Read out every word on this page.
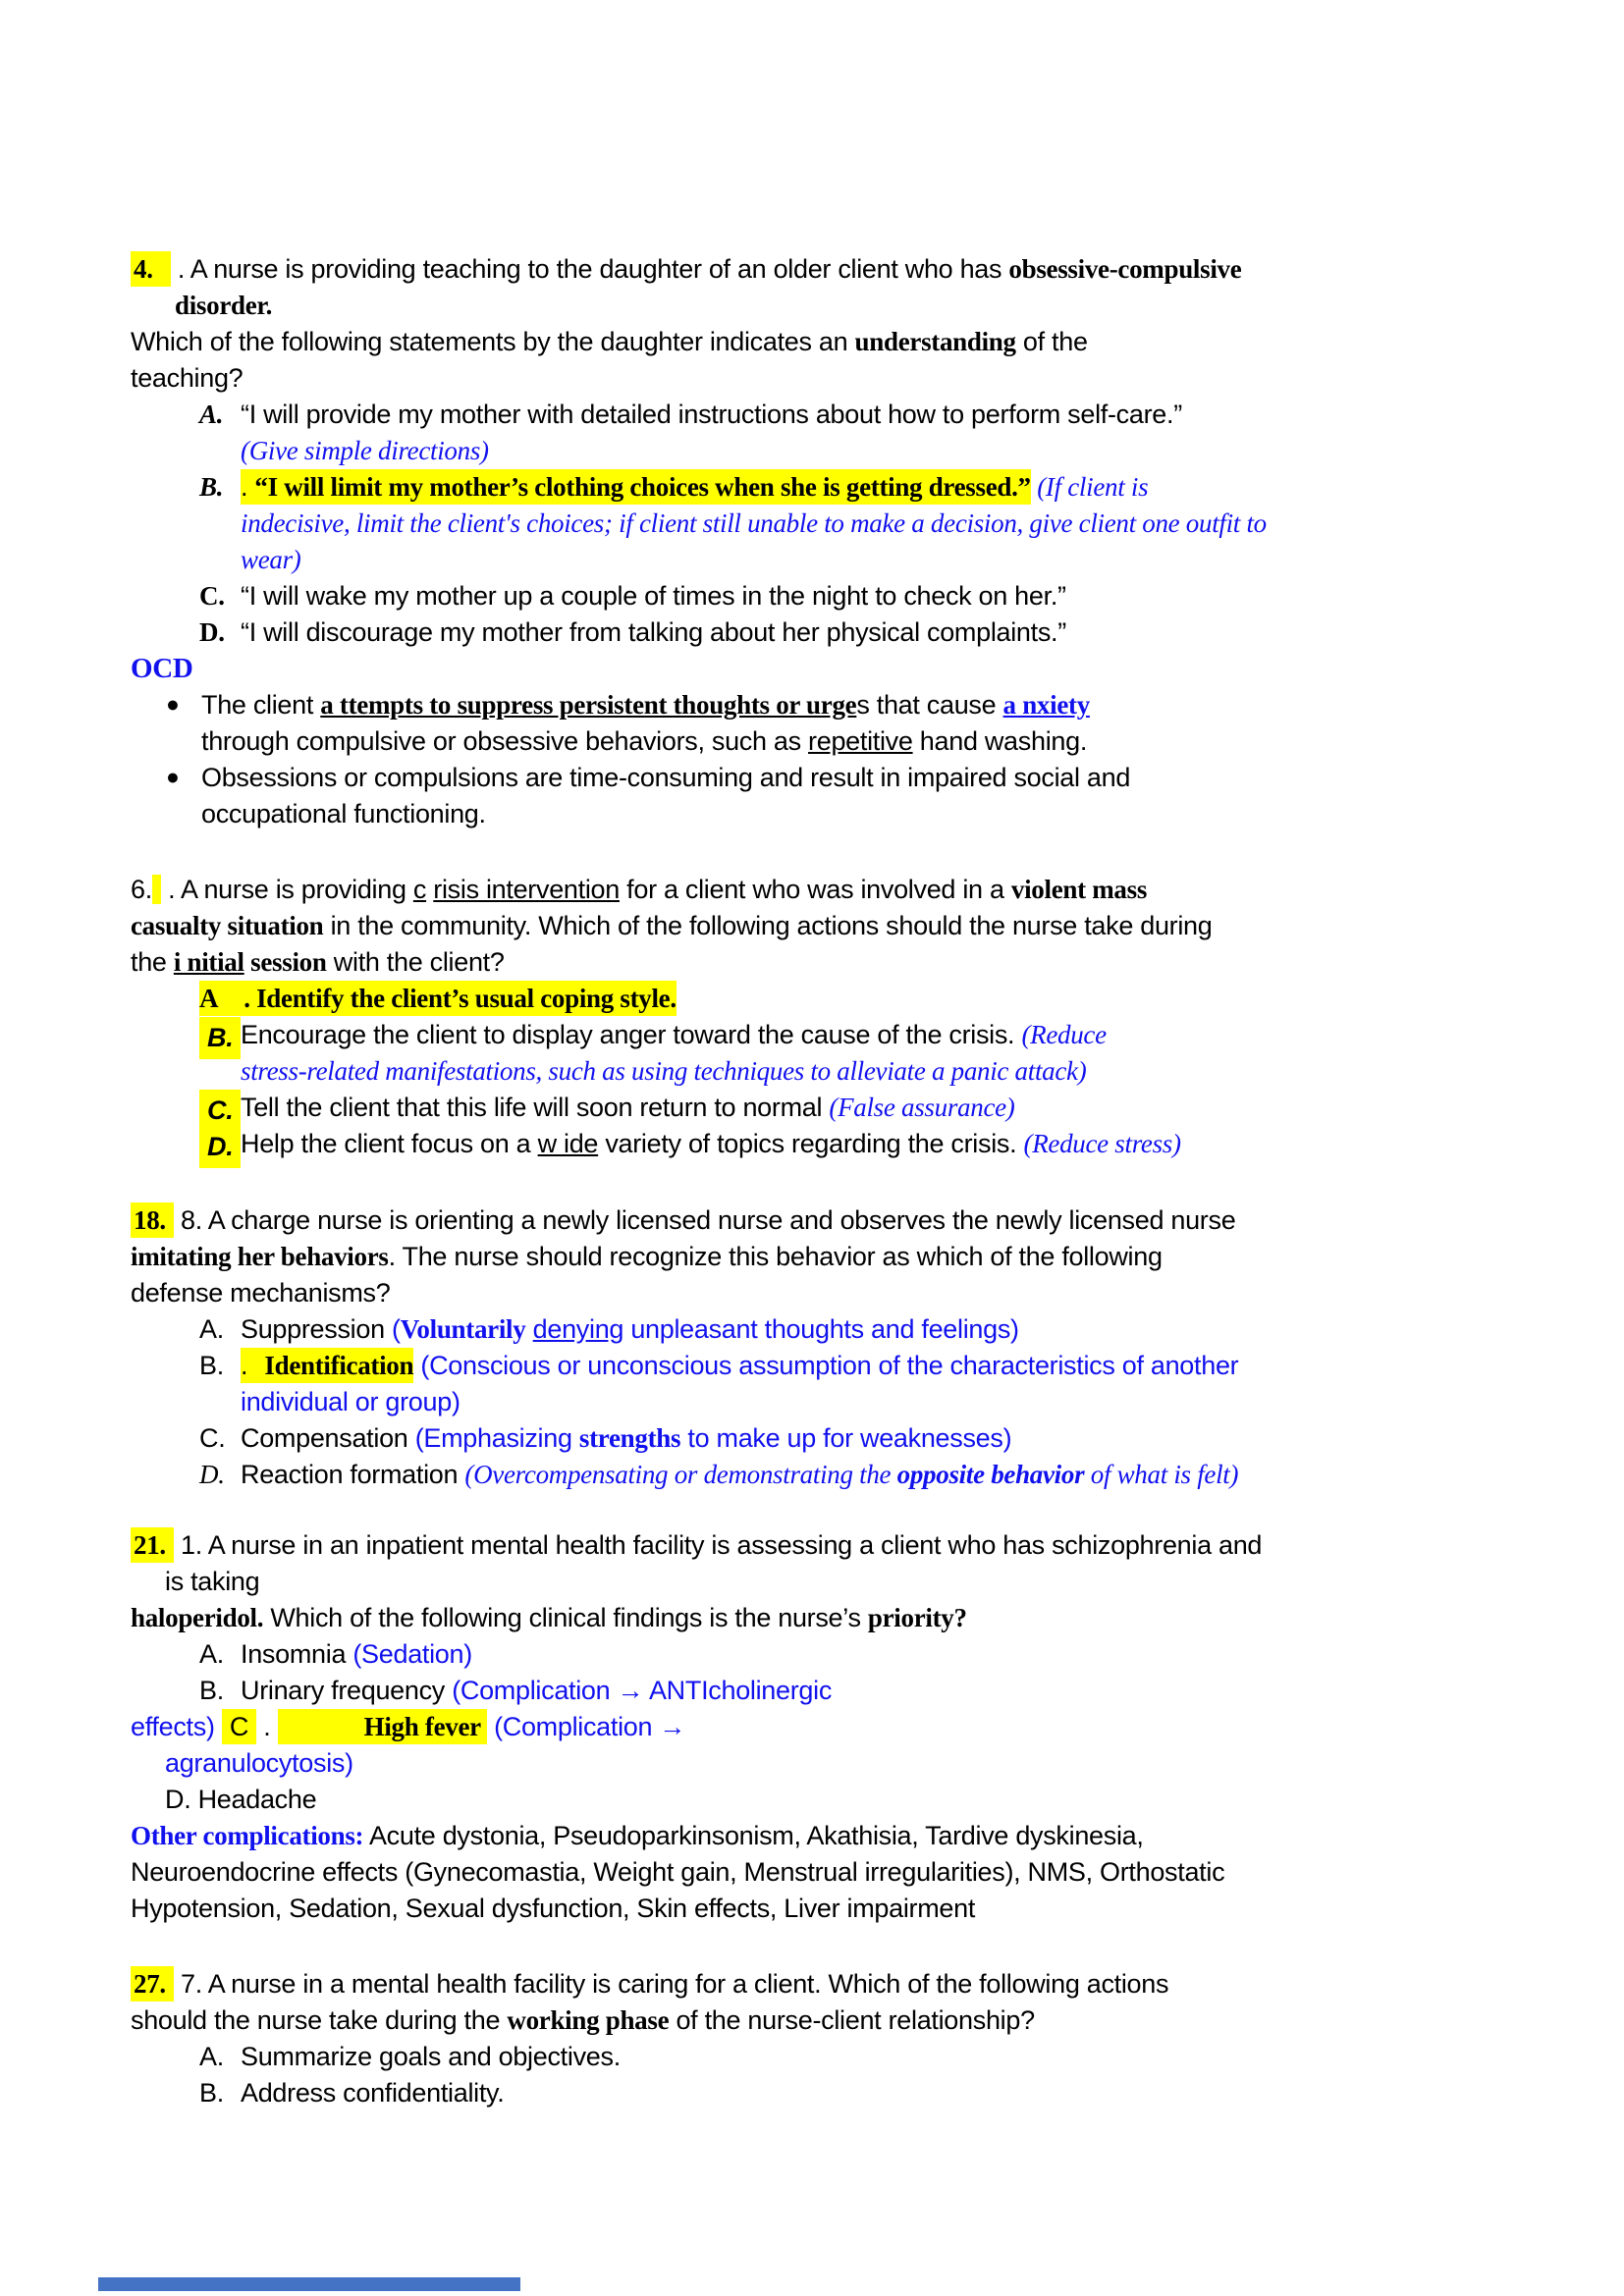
4. . A nurse is providing teaching to the daughter of an older client who has obsessive-compulsive
disorder.
Which of the following statements by the daughter indicates an understanding of the
teaching?
A. “I will provide my mother with detailed instructions about how to perform self-care.”
(Give simple directions)
B. . “I will limit my mother’s clothing choices when she is getting dressed.” (If client is
indecisive, limit the client's choices; if client still unable to make a decision, give client one outfit to
wear)
C. “I will wake my mother up a couple of times in the night to check on her.”
D. “I will discourage my mother from talking about her physical complaints.”
OCD
● The client a ttempts to suppress persistent thoughts or urges that cause a nxiety
through compulsive or obsessive behaviors, such as repetitive hand washing.
● Obsessions or compulsions are time-consuming and result in impaired social and
occupational functioning.
6. . A nurse is providing c risis intervention for a client who was involved in a violent mass
casualty situation in the community. Which of the following actions should the nurse take during
the i nitial session with the client?
A . Identify the client’s usual coping style.
B. Encourage the client to display anger toward the cause of the crisis. (Reduce
stress-related manifestations, such as using techniques to alleviate a panic attack)
C. Tell the client that this life will soon return to normal (False assurance)
D. Help the client focus on a w ide variety of topics regarding the crisis. (Reduce stress)
18. 8. A charge nurse is orienting a newly licensed nurse and observes the newly licensed nurse
imitating her behaviors. The nurse should recognize this behavior as which of the following
defense mechanisms?
A. Suppression (Voluntarily denying unpleasant thoughts and feelings)
B. . Identification (Conscious or unconscious assumption of the characteristics of another
individual or group)
C. Compensation (Emphasizing strengths to make up for weaknesses)
D. Reaction formation (Overcompensating or demonstrating the opposite behavior of what is felt)
21. 1. A nurse in an inpatient mental health facility is assessing a client who has schizophrenia and
is taking
haloperidol. Which of the following clinical findings is the nurse’s priority?
A. Insomnia (Sedation)
B. Urinary frequency (Complication → ANTIcholinergic
effects) C .	High fever (Complication →
agranulocytosis)
D. Headache
Other complications: Acute dystonia, Pseudoparkinsonism, Akathisia, Tardive dyskinesia,
Neuroendocrine effects (Gynecomastia, Weight gain, Menstrual irregularities), NMS, Orthostatic
Hypotension, Sedation, Sexual dysfunction, Skin effects, Liver impairment
27. 7. A nurse in a mental health facility is caring for a client. Which of the following actions
should the nurse take during the working phase of the nurse-client relationship?
A. Summarize goals and objectives.
B. Address confidentiality.
